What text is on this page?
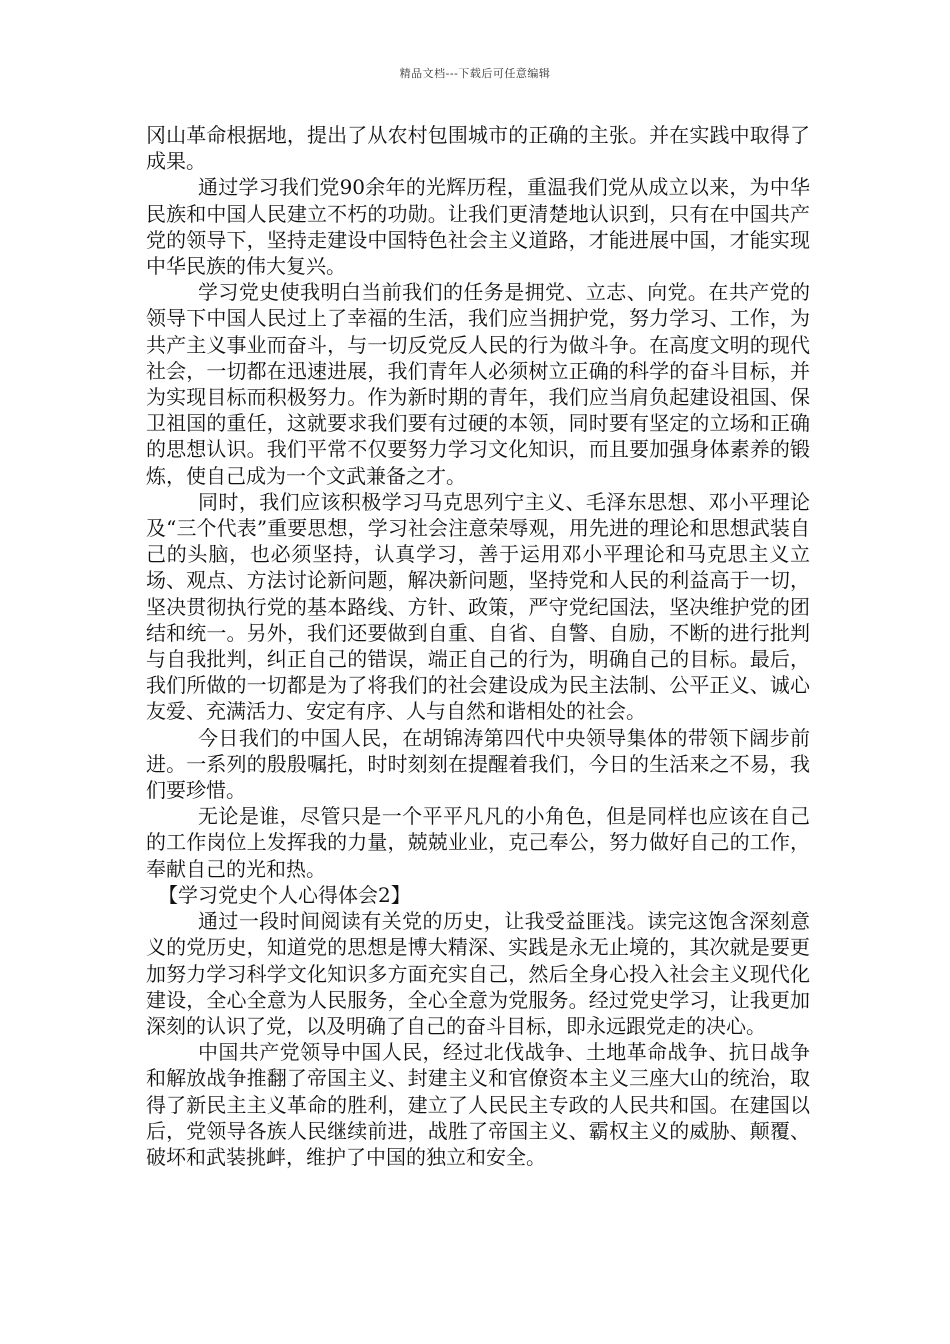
精品文档---下载后可任意编辑

冈山革命根据地，提出了从农村包围城市的正确的主张。并在实践中取得了成果。

通过学习我们党90余年的光辉历程，重温我们党从成立以来，为中华民族和中国人民建立不朽的功勋。让我们更清楚地认识到，只有在中国共产党的领导下，坚持走建设中国特色社会主义道路，才能进展中国，才能实现中华民族的伟大复兴。

学习党史使我明白当前我们的任务是拥党、立志、向党。在共产党的领导下中国人民过上了幸福的生活，我们应当拥护党，努力学习、工作，为共产主义事业而奋斗，与一切反党反人民的行为做斗争。在高度文明的现代社会，一切都在迅速进展，我们青年人必须树立正确的科学的奋斗目标，并为实现目标而积极努力。作为新时期的青年，我们应当肩负起建设祖国、保卫祖国的重任，这就要求我们要有过硬的本领，同时要有坚定的立场和正确的思想认识。我们平常不仅要努力学习文化知识，而且要加强身体素养的锻炼，使自己成为一个文武兼备之才。

同时，我们应该积极学习马克思列宁主义、毛泽东思想、邓小平理论及“三个代表”重要思想，学习社会注意荣辱观，用先进的理论和思想武装自己的头脑，也必须坚持，认真学习，善于运用邓小平理论和马克思主义立场、观点、方法讨论新问题，解决新问题，坚持党和人民的利益高于一切，坚决贯彻执行党的基本路线、方针、政策，严守党纪国法，坚决维护党的团结和统一。另外，我们还要做到自重、自省、自警、自励，不断的进行批判与自我批判，纠正自己的错误，端正自己的行为，明确自己的目标。最后，我们所做的一切都是为了将我们的社会建设成为民主法制、公平正义、诚心友爱、充满活力、安定有序、人与自然和谐相处的社会。

今日我们的中国人民，在胡锦涛第四代中央领导集体的带领下阔步前进。一系列的殷殷嘱托，时时刻刻在提醒着我们，今日的生活来之不易，我们要珍惜。

无论是谁，尽管只是一个平平凡凡的小角色，但是同样也应该在自己的工作岗位上发挥我的力量，兢兢业业，克己奉公，努力做好自己的工作，奉献自己的光和热。

【学习党史个人心得体会2】

通过一段时间阅读有关党的历史，让我受益匪浅。读完这饱含深刻意义的党历史，知道党的思想是博大精深、实践是永无止境的，其次就是要更加努力学习科学文化知识多方面充实自己，然后全身心投入社会主义现代化建设，全心全意为人民服务，全心全意为党服务。经过党史学习，让我更加深刻的认识了党，以及明确了自己的奋斗目标，即永远跟党走的决心。

中国共产党领导中国人民，经过北伐战争、土地革命战争、抗日战争和解放战争推翻了帝国主义、封建主义和官僚资本主义三座大山的统治，取得了新民主主义革命的胜利，建立了人民民主专政的人民共和国。在建国以后，党领导各族人民继续前进，战胜了帝国主义、霸权主义的威胁、颠覆、破坏和武装挑衅，维护了中国的独立和安全。
